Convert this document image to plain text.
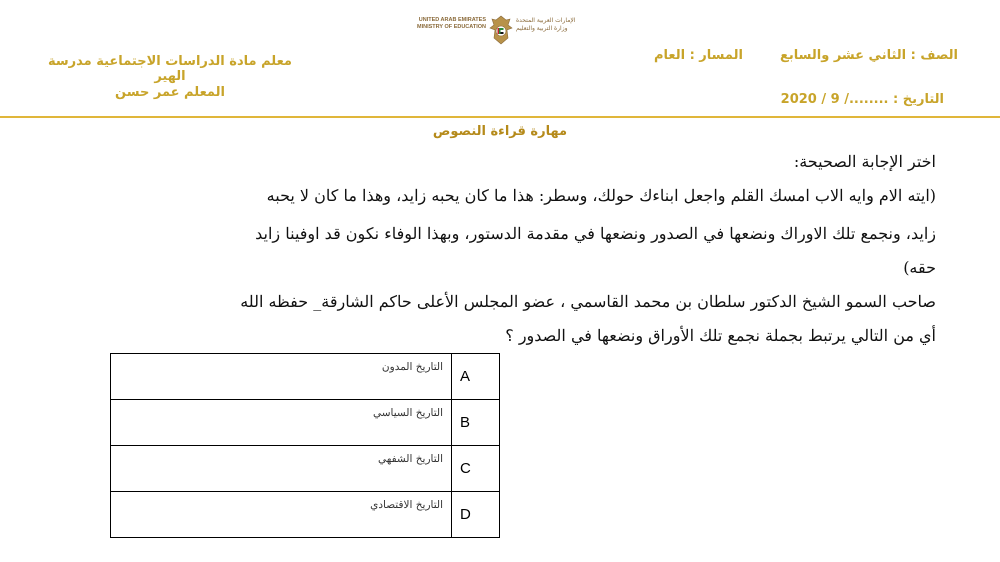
UNITED ARAB EMIRATES
MINISTRY OF EDUCATION
الإمارات العربية المتحدة
وزارة التربية والتعليم
الصف : الثاني عشر والسابع  المسار : العام
التاريخ : ......../ 9 / 2020
معلم مادة الدراسات الاجتماعية مدرسة الهير
المعلم عمر حسن
مهارة قراءة النصوص
اختر الإجابة الصحيحة:
(ايته الام وايه الاب امسك القلم واجعل ابناءك حولك، وسطر: هذا ما كان يحبه زايد، وهذا ما كان لا يحبه
زايد، ونجمع تلك الاوراك ونضعها في الصدور ونضعها في مقدمة الدستور، وبهذا الوفاء نكون قد اوفينا زايد
حقه)
صاحب السمو الشيخ الدكتور سلطان بن محمد القاسمي ، عضو المجلس الأعلى حاكم الشارقة_ حفظه الله
أي من التالي يرتبط بجملة نجمع تلك الأوراق ونضعها في الصدور ؟
التاريخ المدون	A
التاريخ السياسي	B
التاريخ الشفهي	C
التاريخ الاقتصادي	D
